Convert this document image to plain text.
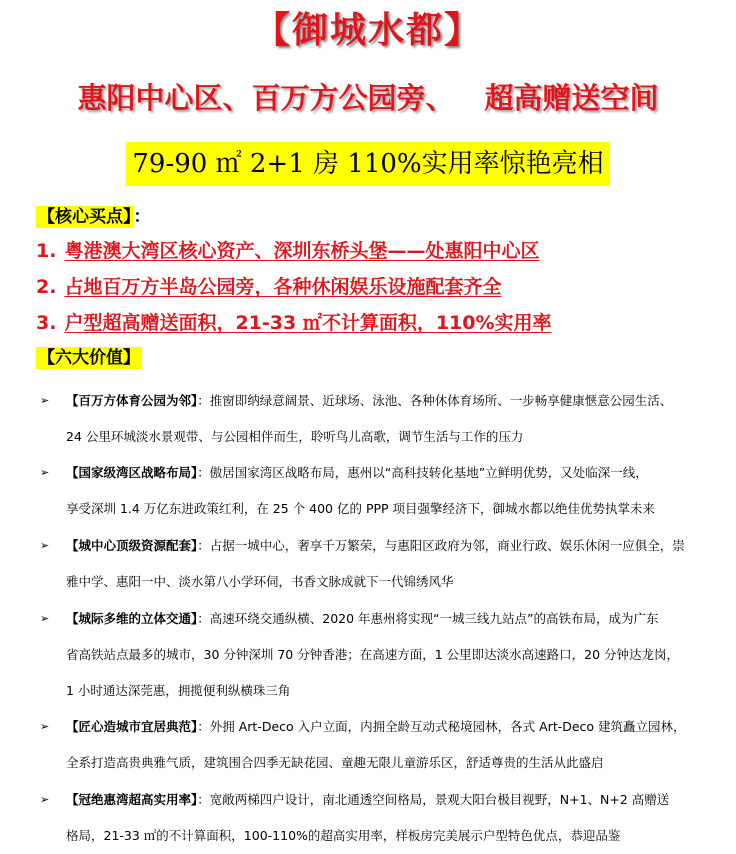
【御城水都】
惠阳中心区、百万方公园旁、 超高赠送空间
79-90 ㎡ 2+1 房 110%实用率惊艳亮相
【核心买点】 ：
1. 粤港澳大湾区核心资产、深圳东桥头堡——处惠阳中心区
2. 占地百万方半岛公园旁，各种休闲娱乐设施配套齐全
3. 户型超高赠送面积，21-33 ㎡不计算面积，110%实用率
【六大价值】
➢ 【百万方体育公园为邻】：推窗即纳绿意阔景、近球场、泳池、各种休体育场所、一步畅享健康惬意公园生活、
24 公里环城淡水景观带、与公园相伴而生，聆听鸟儿高歌，调节生活与工作的压力
➢ 【国家级湾区战略布局】：傲居国家湾区战略布局，惠州以“高科技转化基地”立鲜明优势，又处临深一线，
享受深圳 1.4 万亿东进政策红利，在 25 个 400 亿的 PPP 项目强擎经济下，御城水都以绝佳优势执掌未来
➢ 【城中心顶级资源配套】：占据一城中心，奢享千万繁荣，与惠阳区政府为邻，商业行政、娱乐休闲一应俱全，崇
雅中学、惠阳一中、淡水第八小学环伺，书香文脉成就下一代锦绣风华
➢ 【城际多维的立体交通】：高速环绕交通纵横、2020 年惠州将实现“一城三线九站点”的高铁布局，成为广东
省高铁站点最多的城市，30 分钟深圳 70 分钟香港；在高速方面，1 公里即达淡水高速路口，20 分钟达龙岗，
1 小时通达深莞惠，拥揽便利纵横珠三角
➢ 【匠心造城市宜居典范】：外拥 Art-Deco 入户立面，内拥全龄互动式秘境园林，各式 Art-Deco 建筑矗立园林，
全系打造高贵典雅气质，建筑围合四季无缺花园、童趣无限儿童游乐区，舒适尊贵的生活从此盛启
➢ 【冠绝惠湾超高实用率】：宽敞两梯四户设计，南北通透空间格局，景观大阳台极目视野，N+1、N+2 高赠送
格局，21-33 ㎡的不计算面积，100-110%的超高实用率，样板房完美展示户型特色优点，恭迎品鉴
